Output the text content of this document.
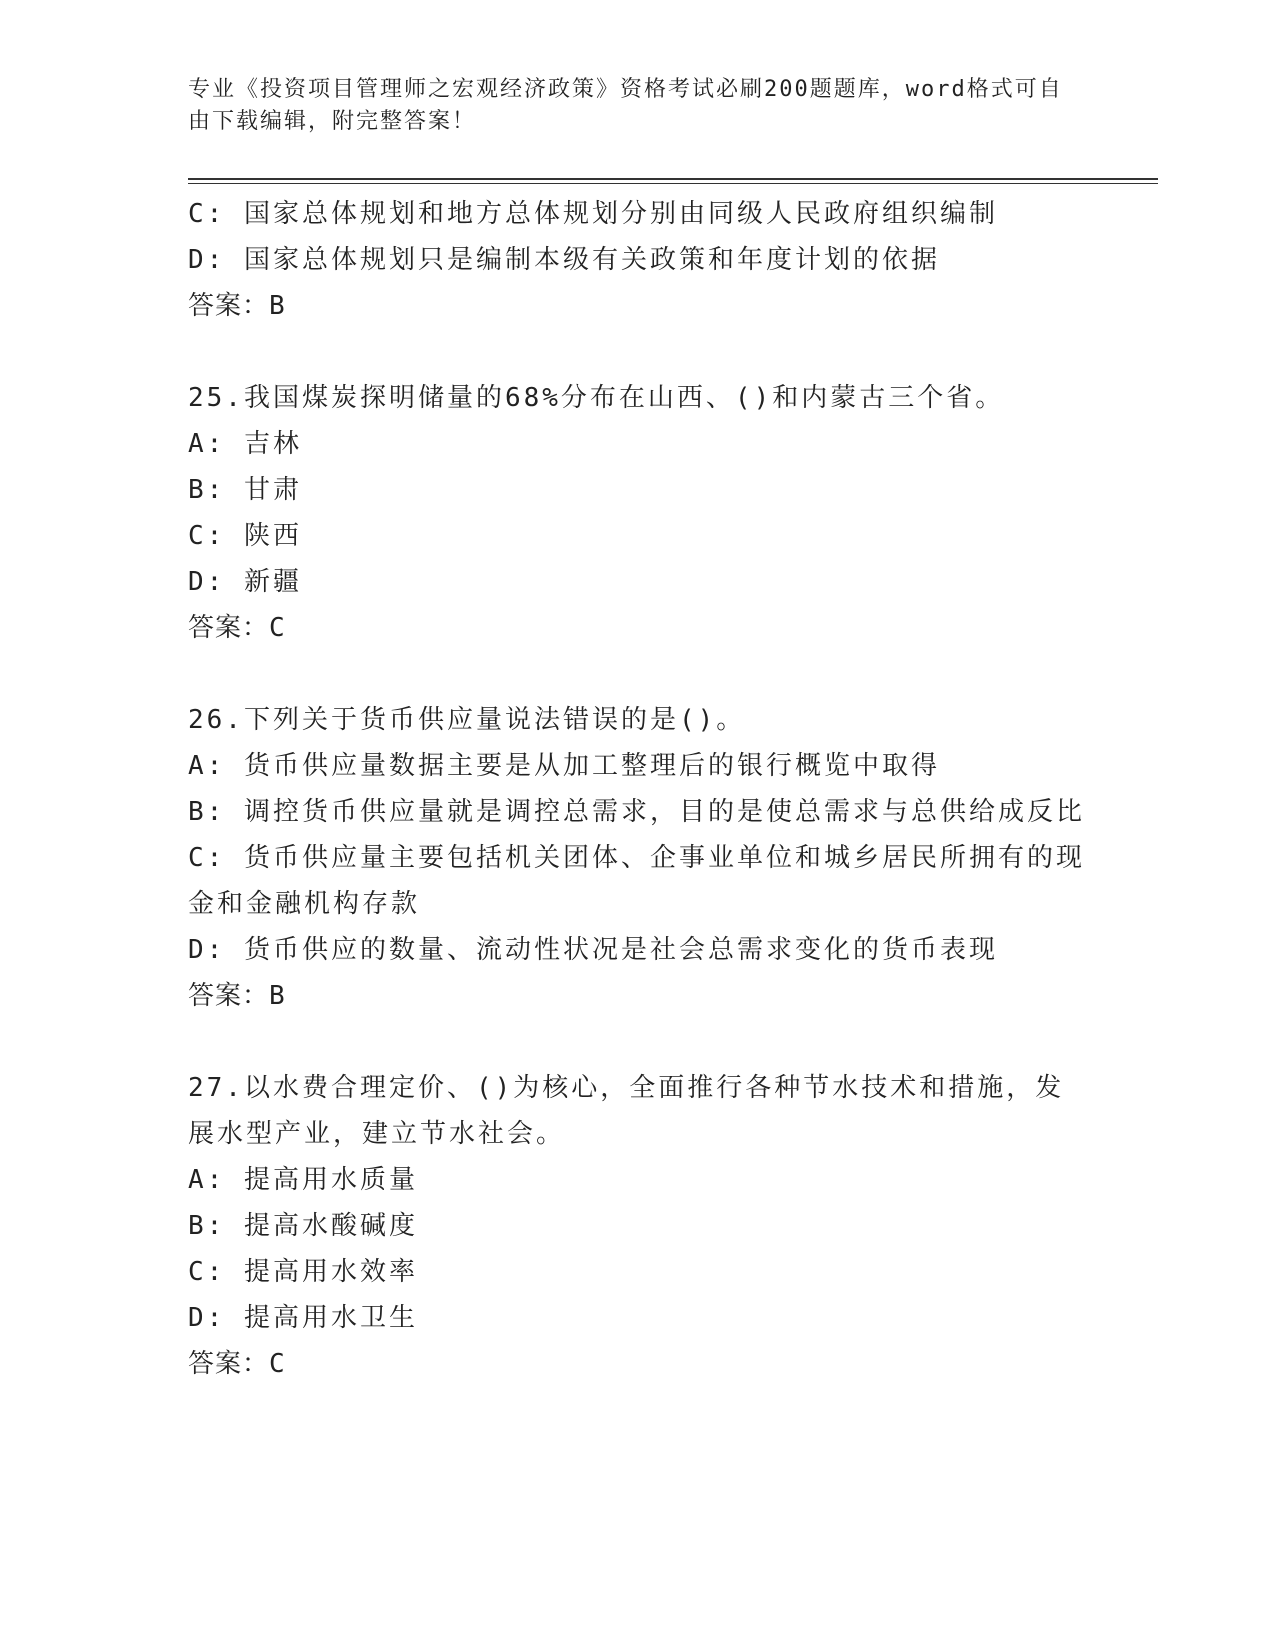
专业《投资项目管理师之宏观经济政策》资格考试必刷200题题库，word格式可自由下载编辑，附完整答案！
C: 国家总体规划和地方总体规划分别由同级人民政府组织编制
D: 国家总体规划只是编制本级有关政策和年度计划的依据
答案：B
25.我国煤炭探明储量的68%分布在山西、()和内蒙古三个省。
A: 吉林
B: 甘肃
C: 陕西
D: 新疆
答案：C
26.下列关于货币供应量说法错误的是()。
A: 货币供应量数据主要是从加工整理后的银行概览中取得
B: 调控货币供应量就是调控总需求，目的是使总需求与总供给成反比
C: 货币供应量主要包括机关团体、企事业单位和城乡居民所拥有的现金和金融机构存款
D: 货币供应的数量、流动性状况是社会总需求变化的货币表现
答案：B
27.以水费合理定价、()为核心，全面推行各种节水技术和措施，发展水型产业，建立节水社会。
A: 提高用水质量
B: 提高水酸碱度
C: 提高用水效率
D: 提高用水卫生
答案：C
